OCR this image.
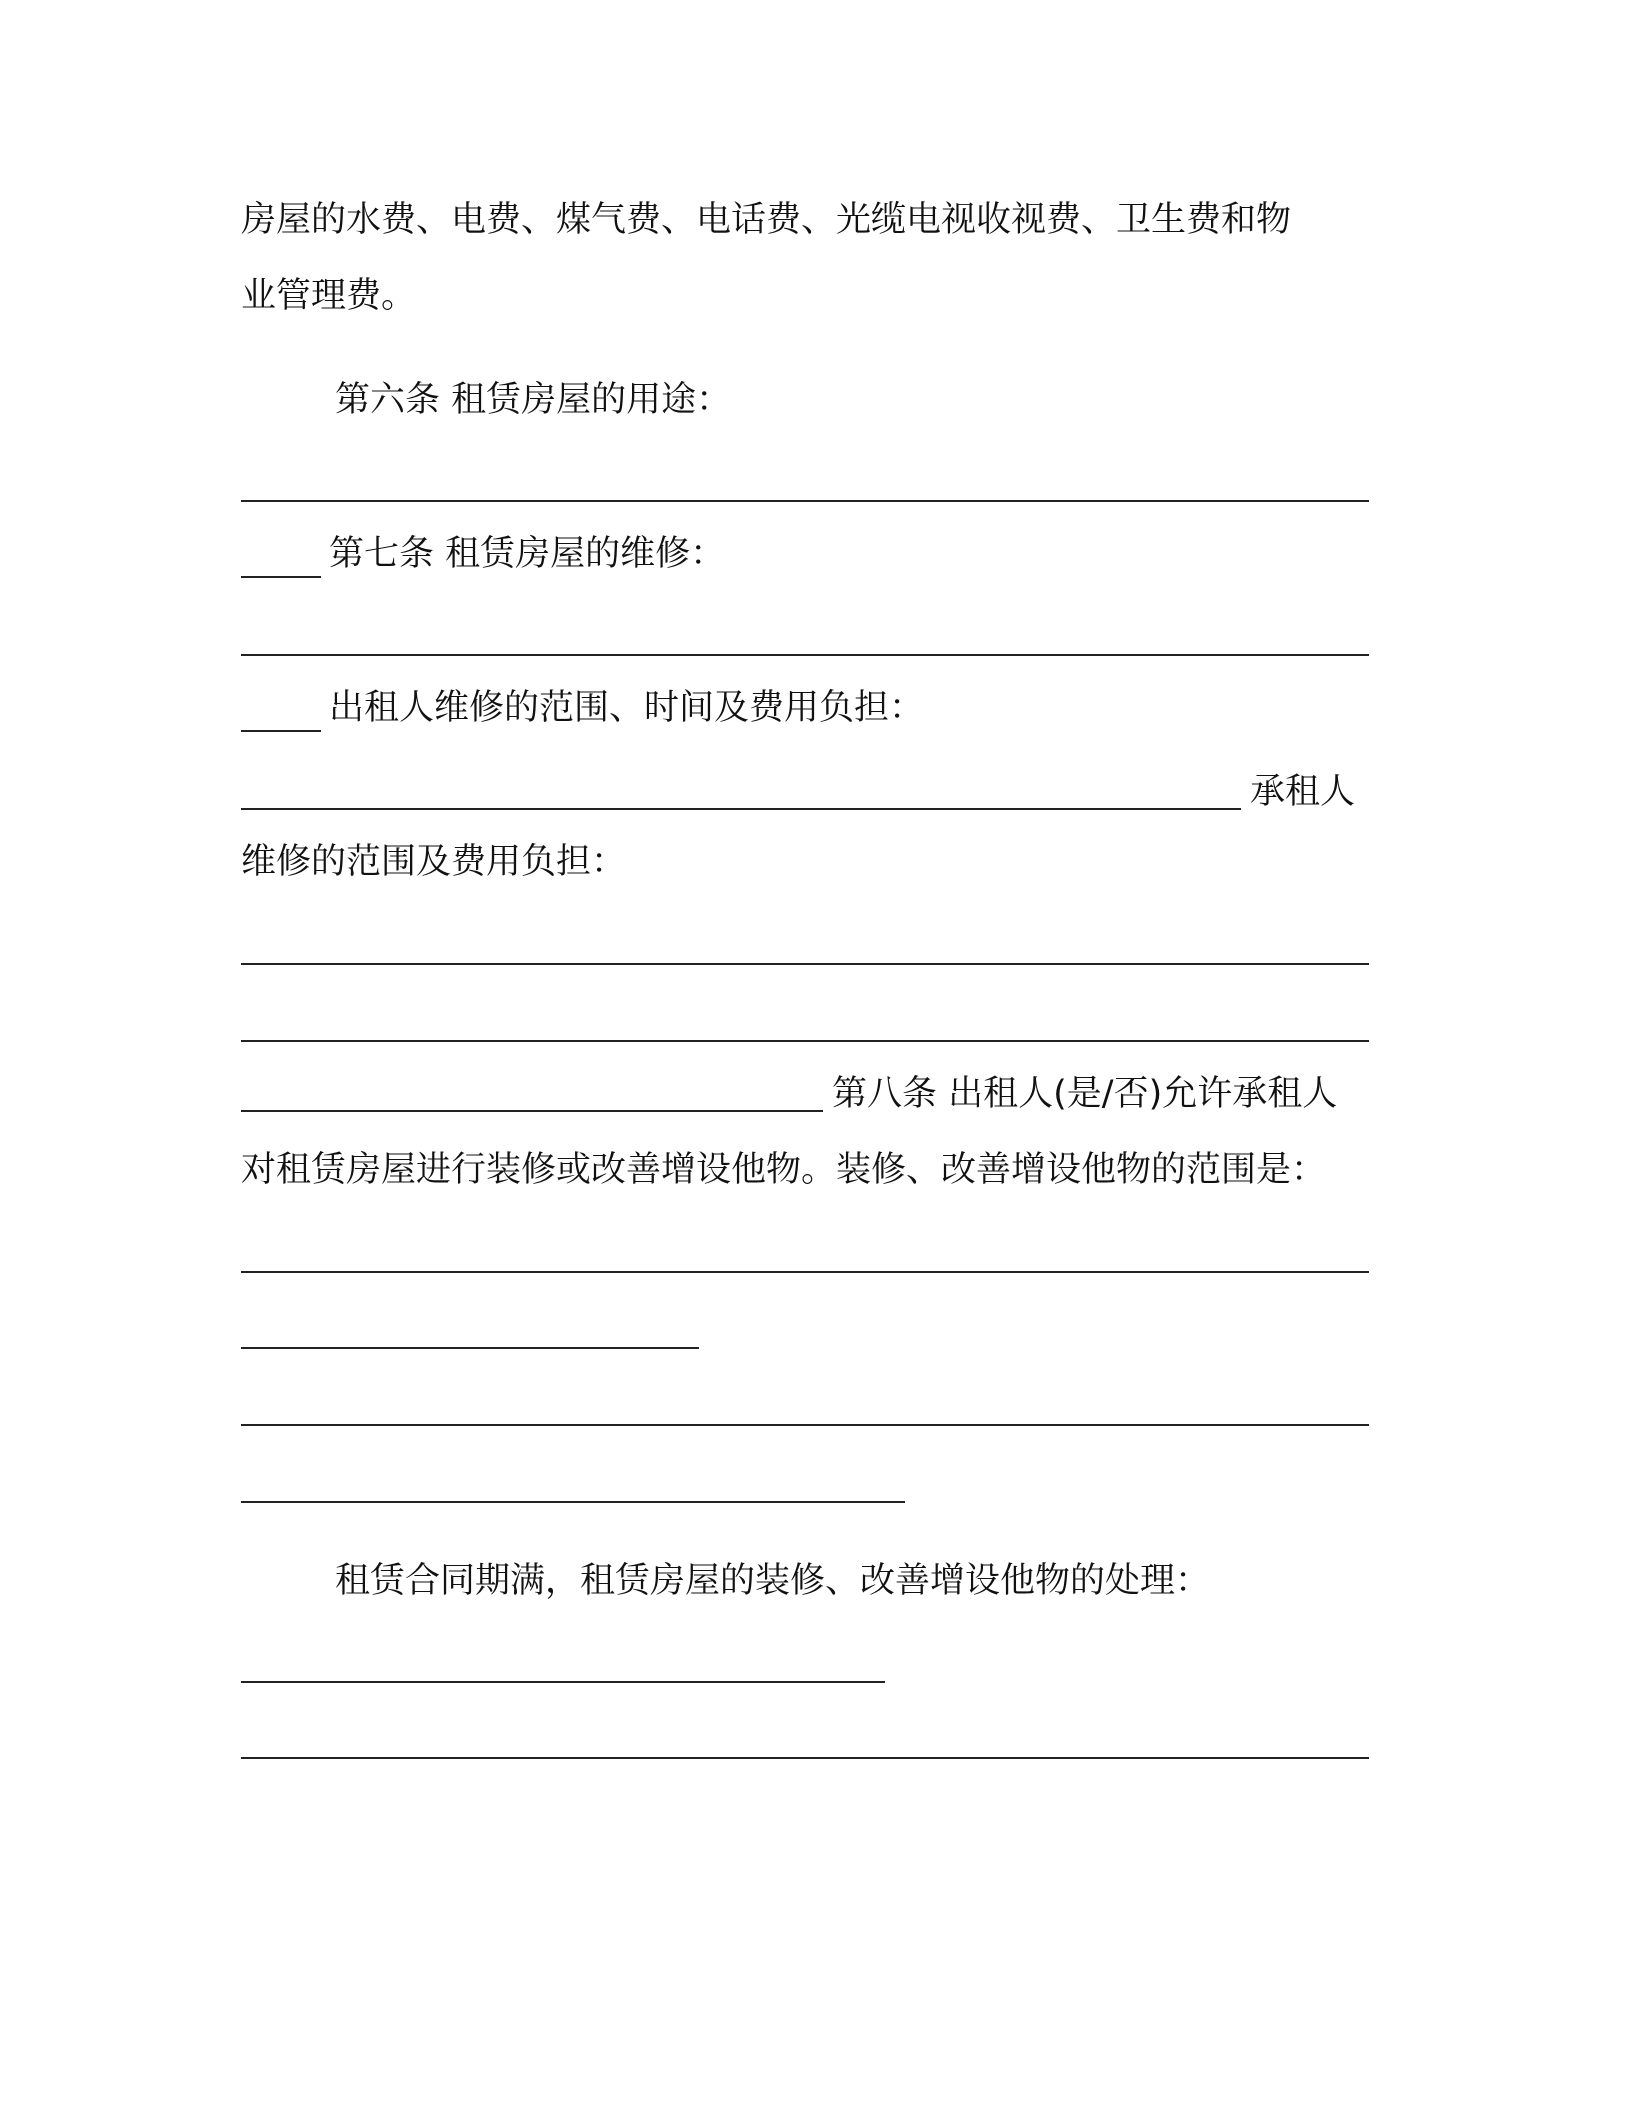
房屋的水费、电费、煤气费、电话费、光缆电视收视费、卫生费和物
业管理费。
第六条 租赁房屋的用途：
第七条 租赁房屋的维修：
出租人维修的范围、时间及费用负担：
承租人
维修的范围及费用负担：
第八条 出租人(是/否)允许承租人
对租赁房屋进行装修或改善增设他物。装修、改善增设他物的范围是：
租赁合同期满，租赁房屋的装修、改善增设他物的处理：
